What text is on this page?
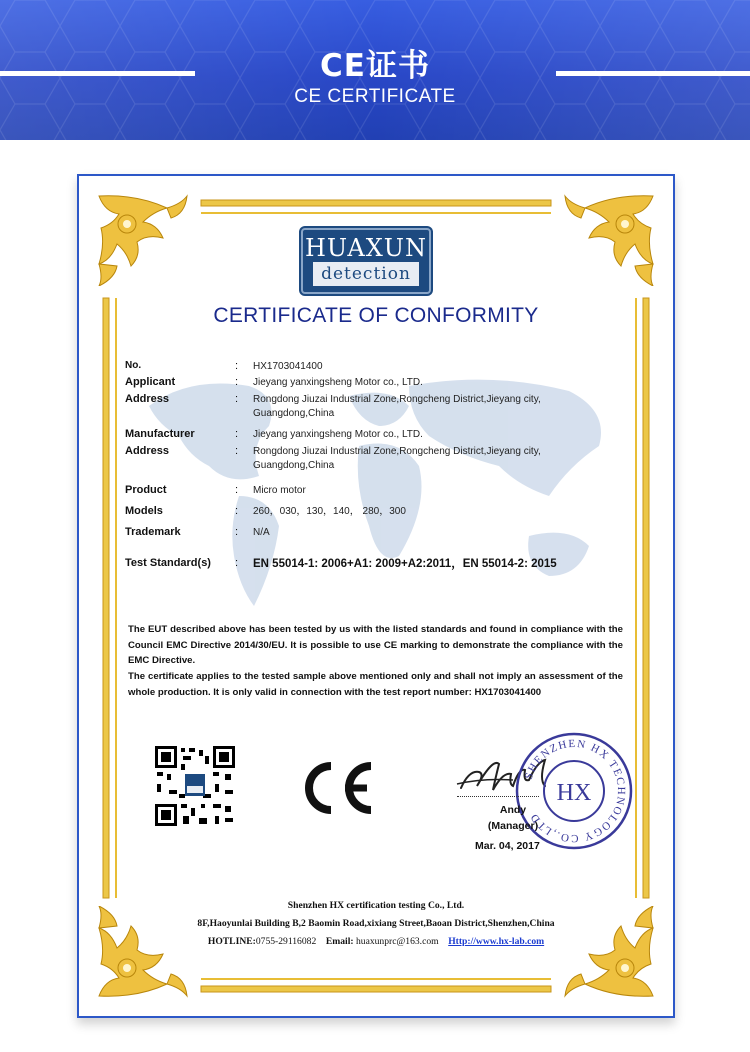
CE证书
CE CERTIFICATE
HUAXUN
detection
CERTIFICATE OF CONFORMITY
No.	: HX1703041400
Applicant	: Jieyang yanxingsheng Motor co., LTD.
Address	: Rongdong Jiuzai Industrial Zone,Rongcheng District,Jieyang city,
Guangdong,China
Manufacturer	: Jieyang yanxingsheng Motor co., LTD.
Address	: Rongdong Jiuzai Industrial Zone,Rongcheng District,Jieyang city,
Guangdong,China
Product	: Micro motor
Models	: 260，030，130，140， 280，300
Trademark	: N/A
Test Standard(s) : EN 55014-1: 2006+A1: 2009+A2:2011，EN 55014-2: 2015
The EUT described above has been tested by us with the listed standards and found in compliance with the Council EMC Directive 2014/30/EU. It is possible to use CE marking to demonstrate the compliance with the EMC Directive.
The certificate applies to the tested sample above mentioned only and shall not imply an assessment of the whole production. It is only valid in connection with the test report number: HX1703041400
SHENZHEN HX TECHNOLOGY CO.,LTD
HX
Andy
(Manager)
Mar. 04, 2017
Shenzhen HX certification testing Co., Ltd.
8F,Haoyunlai Building B,2 Baomin Road,xixiang Street,Baoan District,Shenzhen,China
HOTLINE:0755-29116082 Email: huaxunprc@163.com Http://www.hx-lab.com
